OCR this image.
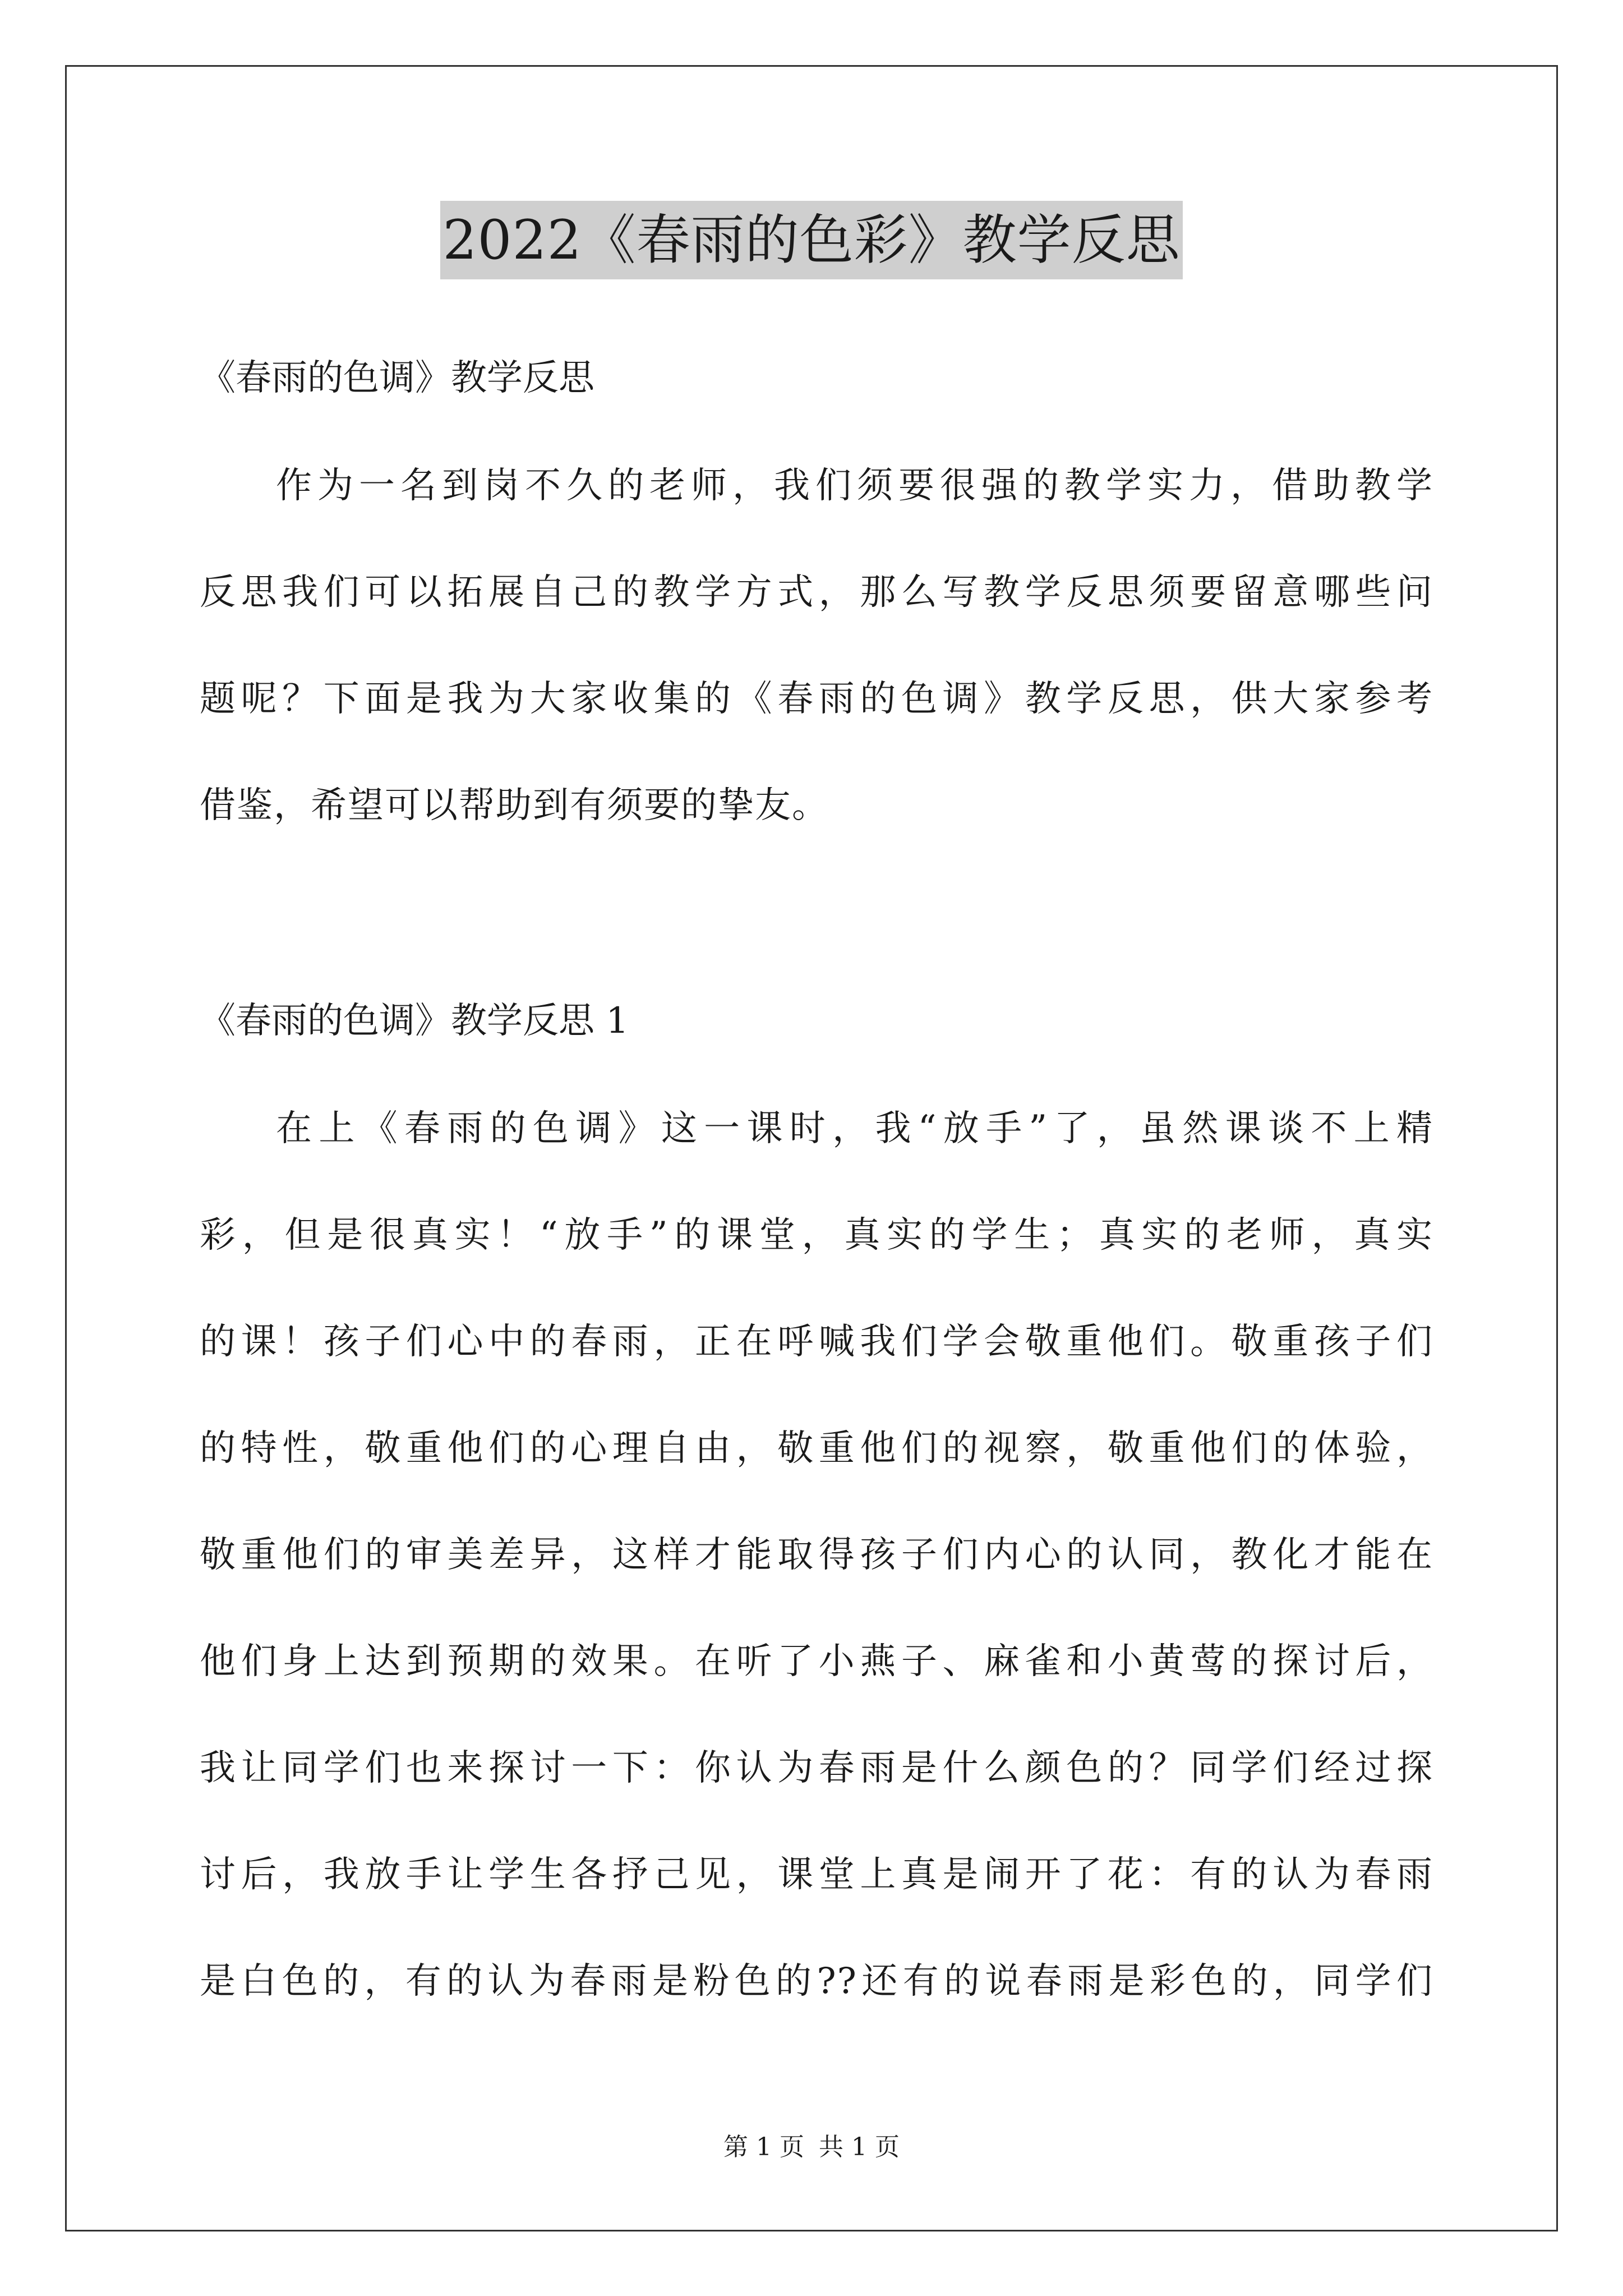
2022《春雨的色彩》教学反思
《春雨的色调》教学反思
作为一名到岗不久的老师，我们须要很强的教学实力，借助教学
反思我们可以拓展自己的教学方式，那么写教学反思须要留意哪些问
题呢？下面是我为大家收集的《春雨的色调》教学反思，供大家参考
借鉴，希望可以帮助到有须要的挚友。
《春雨的色调》教学反思 1
在上《春雨的色调》这一课时，我“放手”了，虽然课谈不上精
彩，但是很真实！“放手”的课堂，真实的学生；真实的老师，真实
的课！孩子们心中的春雨，正在呼喊我们学会敬重他们。敬重孩子们
的特性，敬重他们的心理自由，敬重他们的视察，敬重他们的体验，
敬重他们的审美差异，这样才能取得孩子们内心的认同，教化才能在
他们身上达到预期的效果。在听了小燕子、麻雀和小黄莺的探讨后，
我让同学们也来探讨一下：你认为春雨是什么颜色的？同学们经过探
讨后，我放手让学生各抒己见，课堂上真是闹开了花：有的认为春雨
是白色的，有的认为春雨是粉色的??还有的说春雨是彩色的，同学们
第 1 页 共 1 页
